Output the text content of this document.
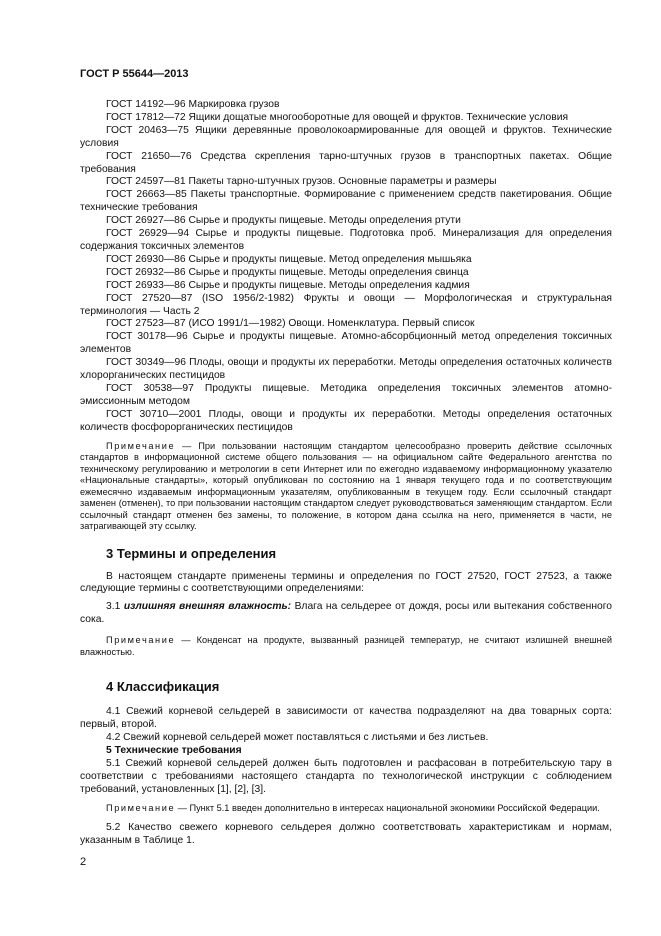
ГОСТ Р 55644—2013

ГОСТ 14192—96 Маркировка грузов

ГОСТ 17812—72 Ящики дощатые многооборотные для овощей и фруктов. Технические условия

ГОСТ 20463—75 Ящики деревянные проволокоармированные для овощей и фруктов. Технические условия

ГОСТ 21650—76 Средства скрепления тарно-штучных грузов в транспортных пакетах. Общие требования

ГОСТ 24597—81 Пакеты тарно-штучных грузов. Основные параметры и размеры

ГОСТ 26663—85 Пакеты транспортные. Формирование с применением средств пакетирования. Общие технические требования

ГОСТ 26927—86 Сырье и продукты пищевые. Методы определения ртути

ГОСТ 26929—94 Сырье и продукты пищевые. Подготовка проб. Минерализация для определения содержания токсичных элементов

ГОСТ 26930—86 Сырье и продукты пищевые. Метод определения мышьяка

ГОСТ 26932—86 Сырье и продукты пищевые. Методы определения свинца

ГОСТ 26933—86 Сырье и продукты пищевые. Методы определения кадмия

ГОСТ 27520—87 (ISO 1956/2-1982) Фрукты и овощи — Морфологическая и структуральная терминология — Часть 2

ГОСТ 27523—87 (ИСО 1991/1—1982) Овощи. Номенклатура. Первый список

ГОСТ 30178—96 Сырье и продукты пищевые. Атомно-абсорбционный метод определения токсичных элементов

ГОСТ 30349—96 Плоды, овощи и продукты их переработки. Методы определения остаточных количеств хлорорганических пестицидов

ГОСТ 30538—97 Продукты пищевые. Методика определения токсичных элементов атомно-эмиссионным методом

ГОСТ 30710—2001 Плоды, овощи и продукты их переработки. Методы определения остаточных количеств фосфорорганических пестицидов

Примечание — При пользовании настоящим стандартом целесообразно проверить действие ссылочных стандартов в информационной системе общего пользования — на официальном сайте Федерального агентства по техническому регулированию и метрологии в сети Интернет или по ежегодно издаваемому информационному указателю «Национальные стандарты», который опубликован по состоянию на 1 января текущего года и по соответствующим ежемесячно издаваемым информационным указателям, опубликованным в текущем году. Если ссылочный стандарт заменен (отменен), то при пользовании настоящим стандартом следует руководствоваться заменяющим стандартом. Если ссылочный стандарт отменен без замены, то положение, в котором дана ссылка на него, применяется в части, не затрагивающей эту ссылку.

3 Термины и определения

В настоящем стандарте применены термины и определения по ГОСТ 27520, ГОСТ 27523, а также следующие термины с соответствующими определениями:

3.1 излишняя внешняя влажность: Влага на сельдерее от дождя, росы или вытекания собственного сока.

Примечание — Конденсат на продукте, вызванный разницей температур, не считают излишней внешней влажностью.

4 Классификация

4.1 Свежий корневой сельдерей в зависимости от качества подразделяют на два товарных сорта: первый, второй.

4.2 Свежий корневой сельдерей может поставляться с листьями и без листьев.

5 Технические требования

5.1 Свежий корневой сельдерей должен быть подготовлен и расфасован в потребительскую тару в соответствии с требованиями настоящего стандарта по технологической инструкции с соблюдением требований, установленных [1], [2], [3].

Примечание — Пункт 5.1 введен дополнительно в интересах национальной экономики Российской Федерации.

5.2 Качество свежего корневого сельдерея должно соответствовать характеристикам и нормам, указанным в Таблице 1.

2
